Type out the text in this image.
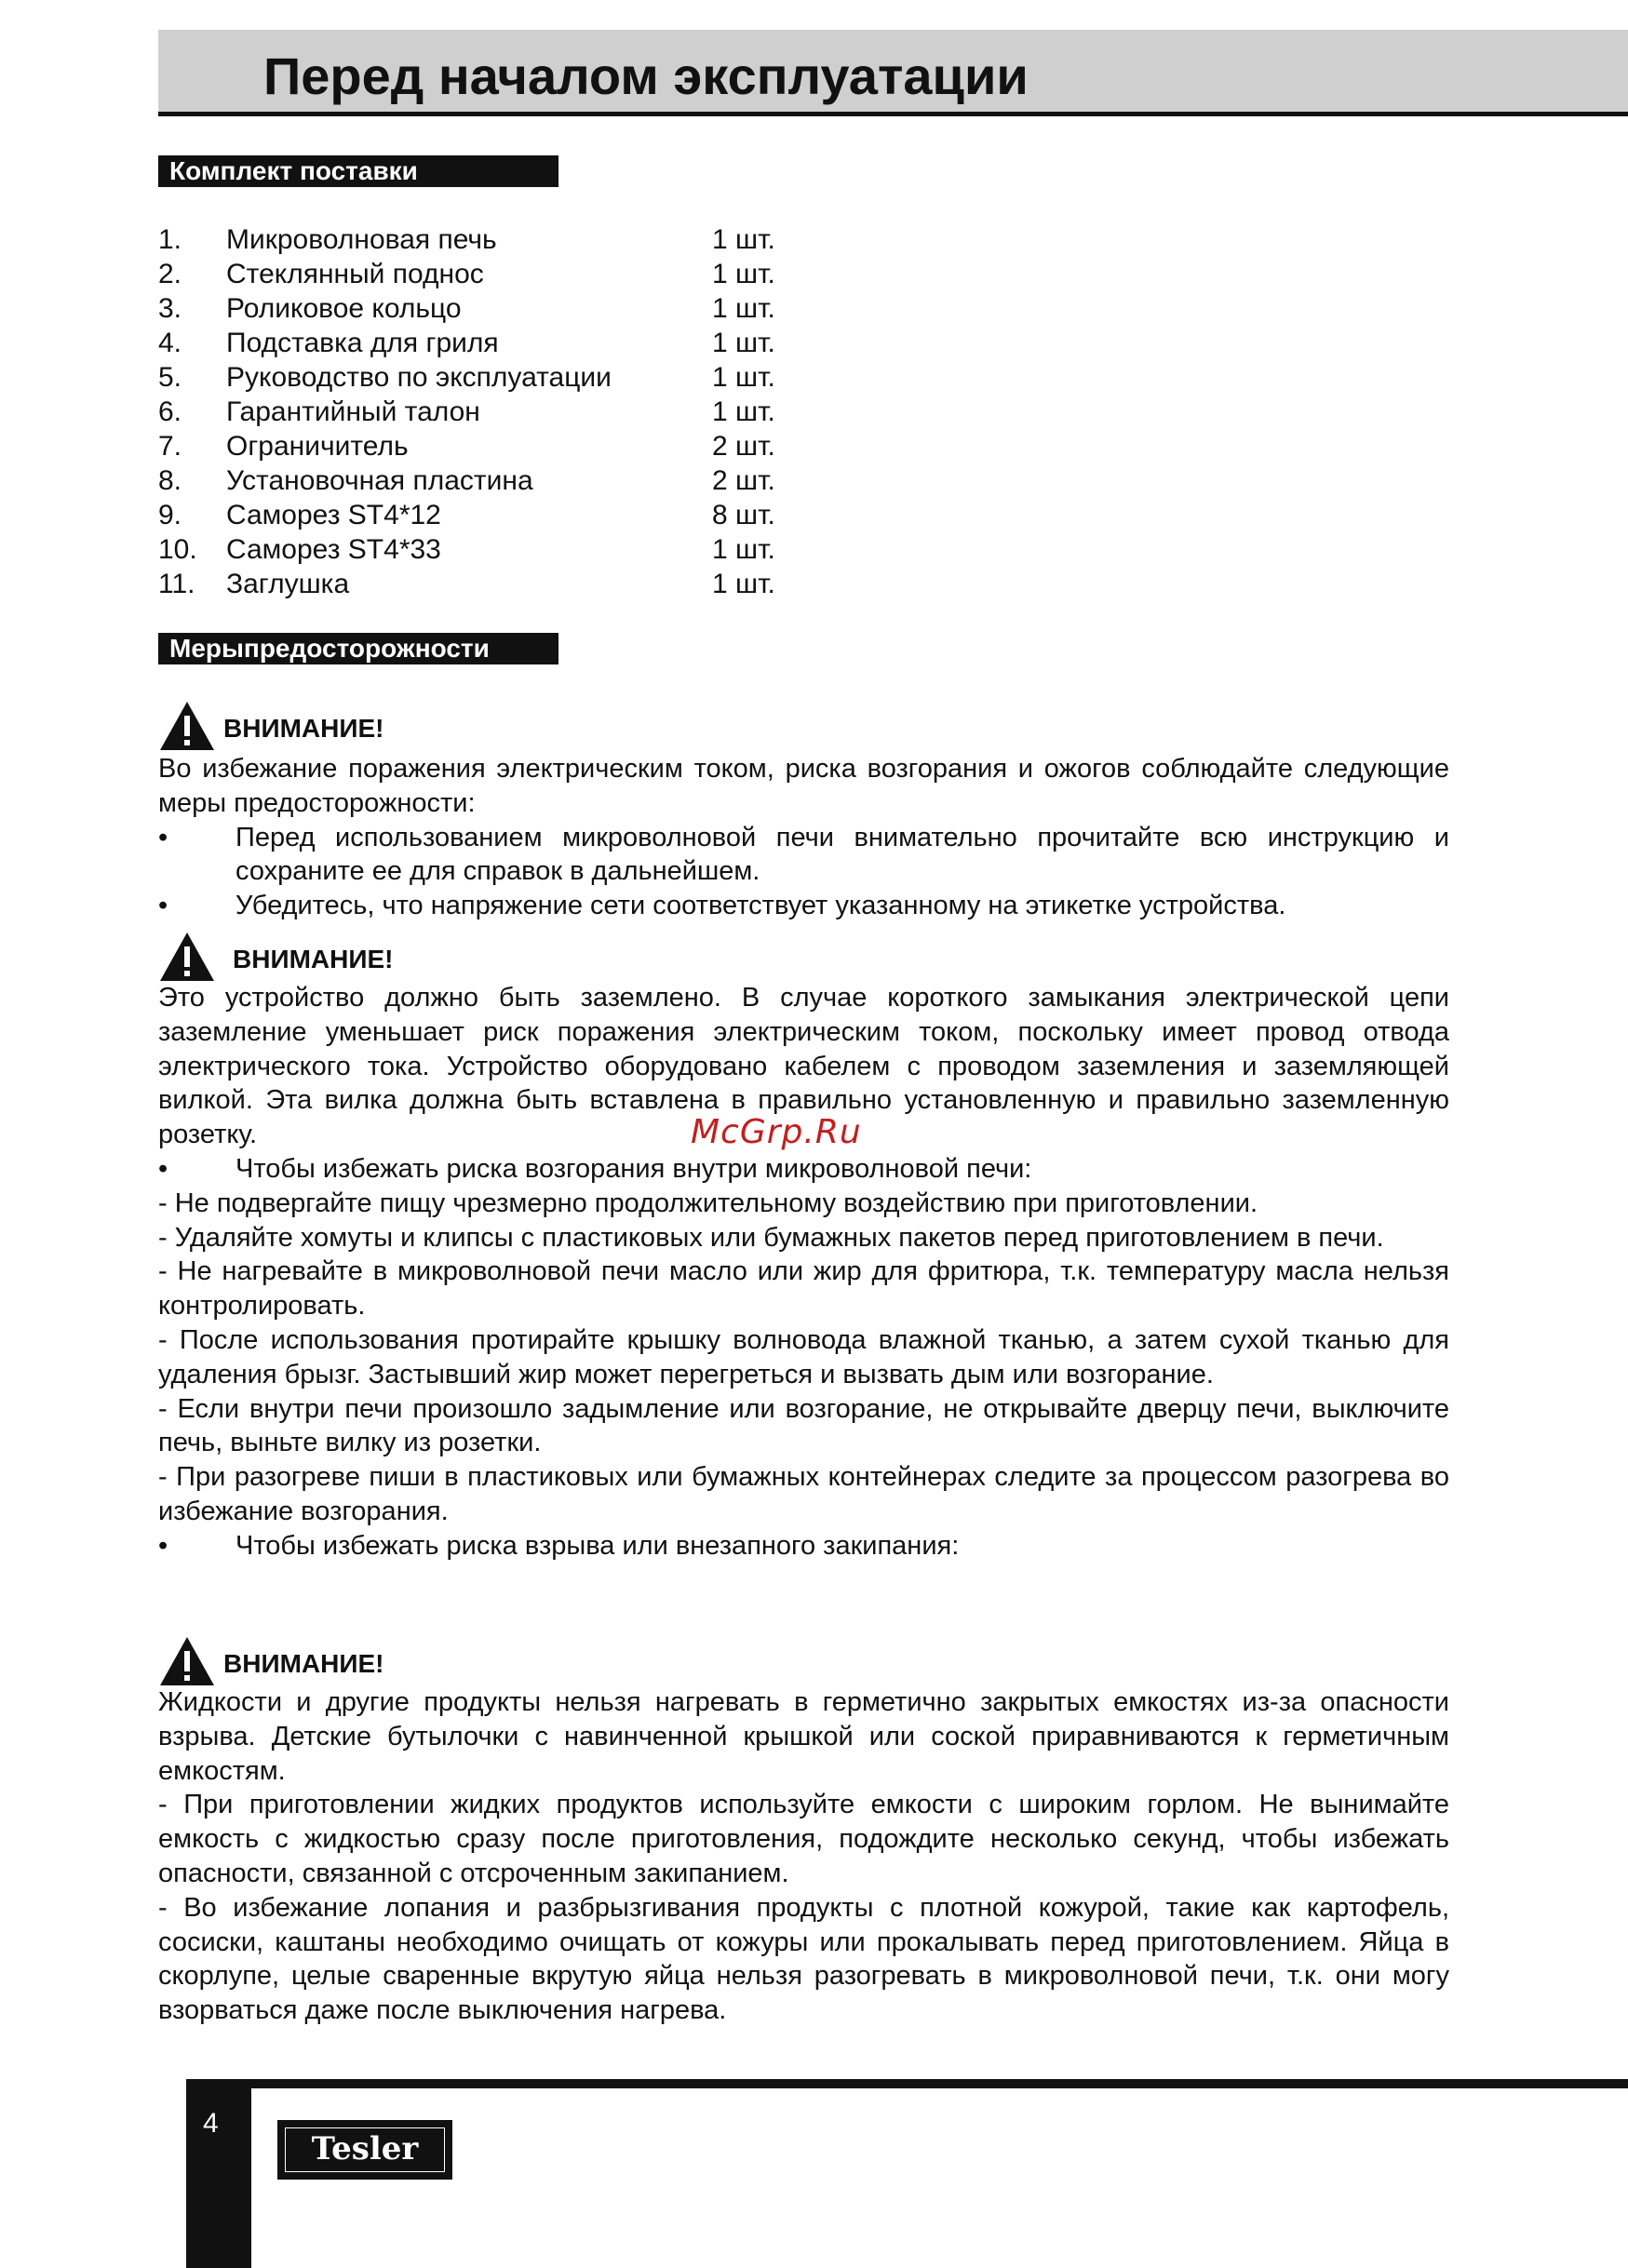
Перед началом эксплуатации
Комплект поставки
1. Микроволновая печь	1 шт.
2. Стеклянный поднос	1 шт.
3. Роликовое кольцо	1 шт.
4. Подставка для гриля	1 шт.
5. Руководство по эксплуатации	1 шт.
6. Гарантийный талон	1 шт.
7. Ограничитель	2 шт.
8. Установочная пластина	2 шт.
9. Саморез ST4*12	8 шт.
10. Саморез ST4*33	1 шт.
11. Заглушка	1 шт.
Мерыпредосторожности
ВНИМАНИЕ!
Во избежание поражения электрическим током, риска возгорания и ожогов соблюдайте следующие меры предосторожности:
•	Перед использованием микроволновой печи внимательно прочитайте всю инструкцию и сохраните ее для справок в дальнейшем.
•	Убедитесь, что напряжение сети соответствует указанному на этикетке устройства.
ВНИМАНИЕ!
Это устройство должно быть заземлено. В случае короткого замыкания электрической цепи заземление уменьшает риск поражения электрическим током, поскольку имеет провод отвода электрического тока. Устройство оборудовано кабелем с проводом заземления и заземляющей вилкой. Эта вилка должна быть вставлена в правильно установленную и правильно заземленную розетку.
•	Чтобы избежать риска возгорания внутри микроволновой печи:
- Не подвергайте пищу чрезмерно продолжительному воздействию при приготовлении.
- Удаляйте хомуты и клипсы с пластиковых или бумажных пакетов перед приготовлением в печи.
- Не нагревайте в микроволновой печи масло или жир для фритюра, т.к. температуру масла нельзя контролировать.
- После использования протирайте крышку волновода влажной тканью, а затем сухой тканью для удаления брызг. Застывший жир может перегреться и вызвать дым или возгорание.
- Если внутри печи произошло задымление или возгорание, не открывайте дверцу печи, выключите печь, выньте вилку из розетки.
- При разогреве пиши в пластиковых или бумажных контейнерах следите за процессом разогрева во избежание возгорания.
•	Чтобы избежать риска взрыва или внезапного закипания:
ВНИМАНИЕ!
Жидкости и другие продукты нельзя нагревать в герметично закрытых емкостях из-за опасности взрыва. Детские бутылочки с навинченной крышкой или соской приравниваются к герметичным емкостям.
- При приготовлении жидких продуктов используйте емкости с широким горлом. Не вынимайте емкость с жидкостью сразу после приготовления, подождите несколько секунд, чтобы избежать опасности, связанной с отсроченным закипанием.
- Во избежание лопания и разбрызгивания продукты с плотной кожурой, такие как картофель, сосиски, каштаны необходимо очищать от кожуры или прокалывать перед приготовлением. Яйца в скорлупе, целые сваренные вкрутую яйца нельзя разогревать в микроволновой печи, т.к. они могу взорваться даже после выключения нагрева.
McGrp.Ru
4
Tesler
